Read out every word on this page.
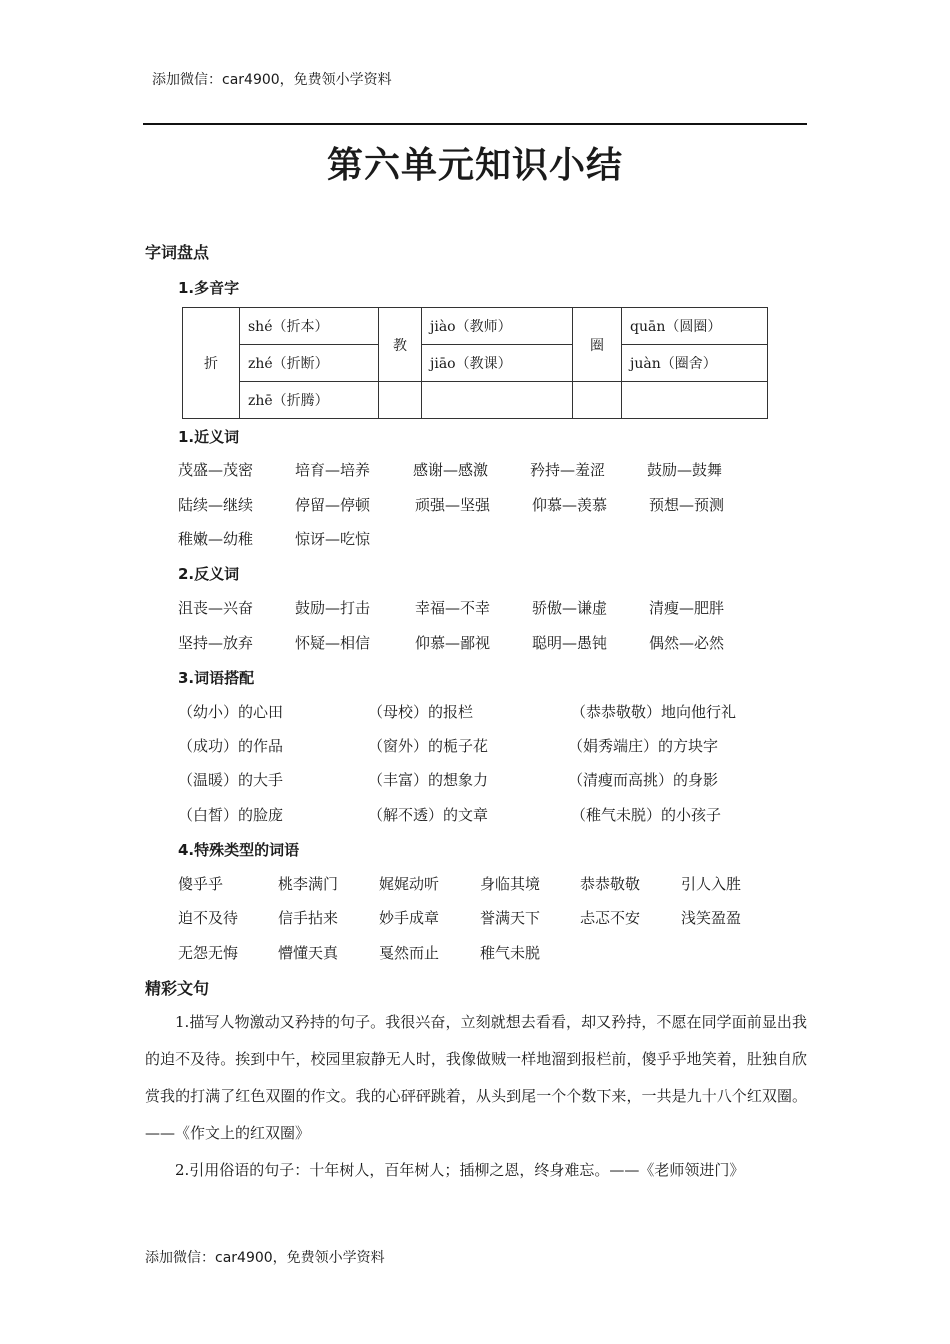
添加微信：car4900，免费领小学资料
第六单元知识小结
字词盘点
1.多音字
折	shé（折本）	教	jiào（教师）	圈	quān（圆圈）
	zhé（折断）		jiāo（教课）		juàn（圈舍）
	zhē（折腾）				
1.近义词
茂盛—茂密	培育—培养	感谢—感激	矜持—羞涩	鼓励—鼓舞
陆续—继续	停留—停顿	顽强—坚强	仰慕—羡慕	预想—预测
稚嫩—幼稚	惊讶—吃惊
2.反义词
沮丧—兴奋	鼓励—打击	幸福—不幸	骄傲—谦虚	清瘦—肥胖
坚持—放弃	怀疑—相信	仰慕—鄙视	聪明—愚钝	偶然—必然
3.词语搭配
（幼小）的心田	（母校）的报栏	（恭恭敬敬）地向他行礼
（成功）的作品	（窗外）的栀子花	（娟秀端庄）的方块字
（温暖）的大手	（丰富）的想象力	（清瘦而高挑）的身影
（白皙）的脸庞	（解不透）的文章	（稚气未脱）的小孩子
4.特殊类型的词语
傻乎乎	桃李满门	娓娓动听	身临其境	恭恭敬敬	引人入胜
迫不及待	信手拈来	妙手成章	誉满天下	忐忑不安	浅笑盈盈
无怨无悔	懵懂天真	戛然而止	稚气未脱
精彩文句
1.描写人物激动又矜持的句子。我很兴奋，立刻就想去看看，却又矜持，不愿在同学面前显出我的迫不及待。挨到中午，校园里寂静无人时，我像做贼一样地溜到报栏前，傻乎乎地笑着，肚独自欣赏我的打满了红色双圈的作文。我的心砰砰跳着，从头到尾一个个数下来，一共是九十八个红双圈。——《作文上的红双圈》
2.引用俗语的句子：十年树人，百年树人；插柳之恩，终身难忘。——《老师领进门》
添加微信：car4900，免费领小学资料
